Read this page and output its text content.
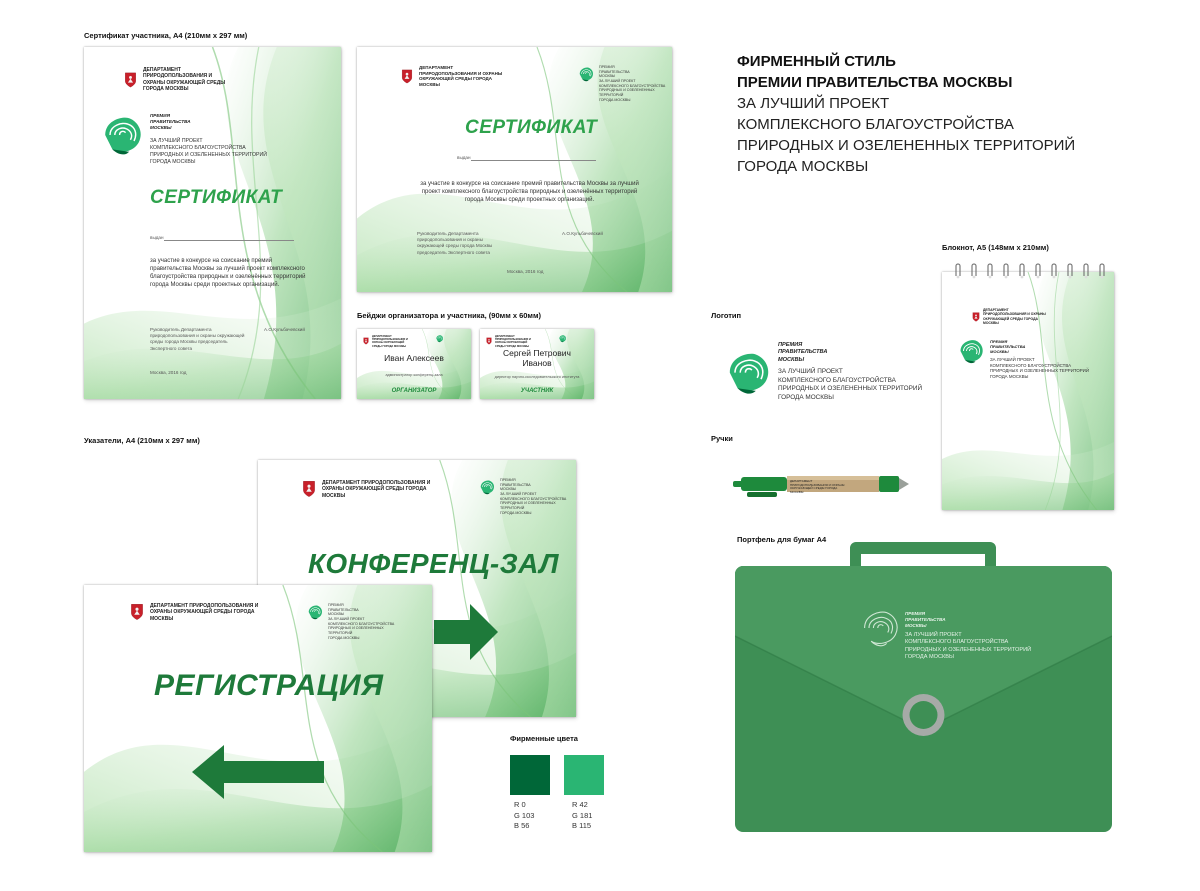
Сертификат участника, А4 (210мм х 297 мм)
Бейджи организатора и участника, (90мм х 60мм)	Логотип
Блокнот, А5 (148мм х 210мм)
Ручки
Указатели, А4 (210мм х 297 мм)
Портфель для бумаг А4
Фирменные цвета
ФИРМЕННЫЙ СТИЛЬ
ПРЕМИИ ПРАВИТЕЛЬСТВА МОСКВЫ
ЗА ЛУЧШИЙ ПРОЕКТ
КОМПЛЕКСНОГО БЛАГОУСТРОЙСТВА
ПРИРОДНЫХ И ОЗЕЛЕНЕННЫХ ТЕРРИТОРИЙ
ГОРОДА МОСКВЫ
ДЕПАРТАМЕНТ ПРИРОДОПОЛЬЗОВАНИЯ И ОХРАНЫ ОКРУЖАЮЩЕЙ СРЕДЫ ГОРОДА МОСКВЫ
ПРЕМИЯ
ПРАВИТЕЛЬСТВА
МОСКВЫ
ЗА ЛУЧШИЙ ПРОЕКТ
КОМПЛЕКСНОГО БЛАГОУСТРОЙСТВА
ПРИРОДНЫХ И ОЗЕЛЕНЕННЫХ ТЕРРИТОРИЙ
ГОРОДА МОСКВЫ
СЕРТИФИКАТ
выдан
за участие в конкурсе на соискание премий правительства Москвы за лучший проект комплексного благоустройства природных и озеленённых территорий города Москвы среди проектных организаций.
Руководитель Департамента природопользования и охраны окружающей среды города Москвы председатель Экспертного совета
А.О.Кульбачевский
Москва, 2016 год
ДЕПАРТАМЕНТ ПРИРОДОПОЛЬЗОВАНИЯ И ОХРАНЫ ОКРУЖАЮЩЕЙ СРЕДЫ ГОРОДА МОСКВЫ
ПРЕМИЯ
ПРАВИТЕЛЬСТВА
МОСКВЫ
ЗА ЛУЧШИЙ ПРОЕКТ
КОМПЛЕКСНОГО БЛАГОУСТРОЙСТВА
ПРИРОДНЫХ И ОЗЕЛЕНЕННЫХ ТЕРРИТОРИЙ
ГОРОДА МОСКВЫ
СЕРТИФИКАТ
выдан
за участие в конкурсе на соискание премий правительства Москвы за лучший проект комплексного благоустройства природных и озеленённых территорий города Москвы среди проектных организаций.
Руководитель Департамента природопользования и охраны окружающей среды города Москвы председатель Экспертного совета
А.О.Кульбачевский
Москва, 2016 год
ДЕПАРТАМЕНТ ПРИРОДОПОЛЬЗОВАНИЯ И ОХРАНЫ ОКРУЖАЮЩЕЙ СРЕДЫ ГОРОДА МОСКВЫ
Иван Алексеев
администратор конференц-зала
ОРГАНИЗАТОР
ДЕПАРТАМЕНТ ПРИРОДОПОЛЬЗОВАНИЯ И ОХРАНЫ ОКРУЖАЮЩЕЙ СРЕДЫ ГОРОДА МОСКВЫ
Сергей Петрович Иванов
директор научно-исследовательского института
УЧАСТНИК
ПРЕМИЯ
ПРАВИТЕЛЬСТВА
МОСКВЫ
ЗА ЛУЧШИЙ ПРОЕКТ
КОМПЛЕКСНОГО БЛАГОУСТРОЙСТВА
ПРИРОДНЫХ И ОЗЕЛЕНЕННЫХ ТЕРРИТОРИЙ
ГОРОДА МОСКВЫ
ДЕПАРТАМЕНТ ПРИРОДОПОЛЬЗОВАНИЯ И ОХРАНЫ ОКРУЖАЮЩЕЙ СРЕДЫ ГОРОДА МОСКВЫ
ДЕПАРТАМЕНТ ПРИРОДОПОЛЬЗОВАНИЯ И ОХРАНЫ ОКРУЖАЮЩЕЙ СРЕДЫ ГОРОДА МОСКВЫ
ПРЕМИЯ
ПРАВИТЕЛЬСТВА
МОСКВЫ
ЗА ЛУЧШИЙ ПРОЕКТ
КОМПЛЕКСНОГО БЛАГОУСТРОЙСТВА
ПРИРОДНЫХ И ОЗЕЛЕНЕННЫХ ТЕРРИТОРИЙ
ГОРОДА МОСКВЫ
ДЕПАРТАМЕНТ ПРИРОДОПОЛЬЗОВАНИЯ И ОХРАНЫ ОКРУЖАЮЩЕЙ СРЕДЫ ГОРОДА МОСКВЫ
ПРЕМИЯ
ПРАВИТЕЛЬСТВА
МОСКВЫ
ЗА ЛУЧШИЙ ПРОЕКТ
КОМПЛЕКСНОГО БЛАГОУСТРОЙСТВА
ПРИРОДНЫХ И ОЗЕЛЕНЕННЫХ ТЕРРИТОРИЙ
ГОРОДА МОСКВЫ
КОНФЕРЕНЦ-ЗАЛ
ДЕПАРТАМЕНТ ПРИРОДОПОЛЬЗОВАНИЯ И ОХРАНЫ ОКРУЖАЮЩЕЙ СРЕДЫ ГОРОДА МОСКВЫ
ПРЕМИЯ
ПРАВИТЕЛЬСТВА
МОСКВЫ
ЗА ЛУЧШИЙ ПРОЕКТ
КОМПЛЕКСНОГО БЛАГОУСТРОЙСТВА
ПРИРОДНЫХ И ОЗЕЛЕНЕННЫХ ТЕРРИТОРИЙ
ГОРОДА МОСКВЫ
РЕГИСТРАЦИЯ
R 0
G 103
B 56
R 42
G 181
B 115
ПРЕМИЯ
ПРАВИТЕЛЬСТВА
МОСКВЫ
ЗА ЛУЧШИЙ ПРОЕКТ
КОМПЛЕКСНОГО БЛАГОУСТРОЙСТВА
ПРИРОДНЫХ И ОЗЕЛЕНЕННЫХ ТЕРРИТОРИЙ
ГОРОДА МОСКВЫ
